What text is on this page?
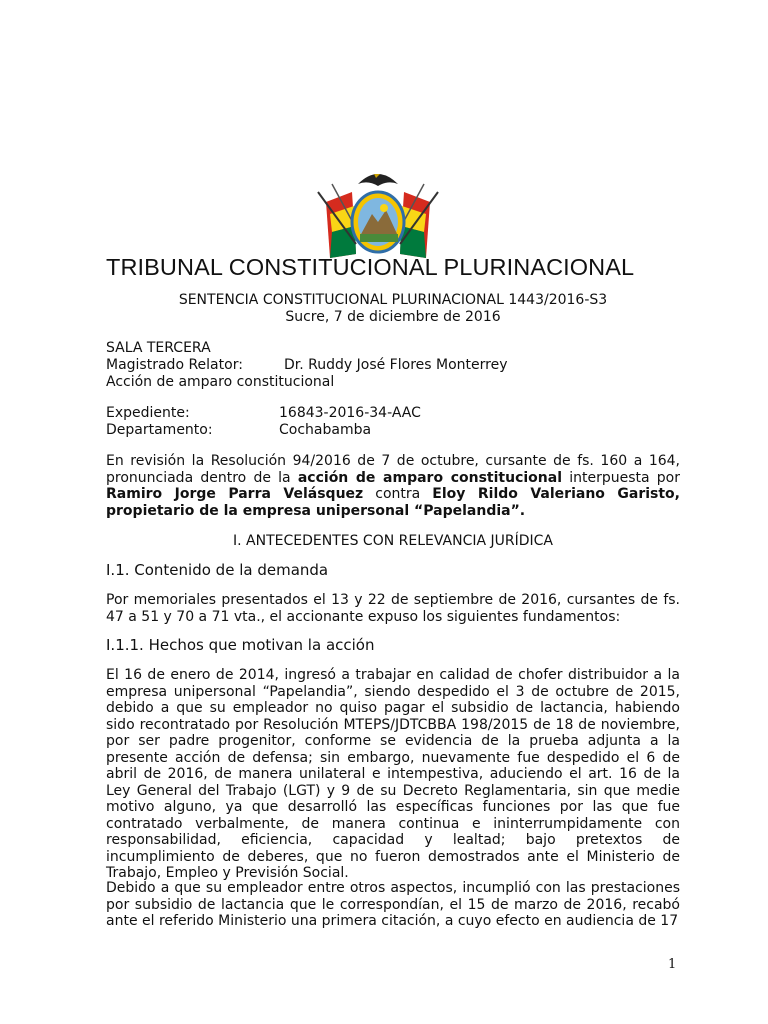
TRIBUNAL CONSTITUCIONAL PLURINACIONAL
SENTENCIA CONSTITUCIONAL PLURINACIONAL 1443/2016-S3
Sucre, 7 de diciembre de 2016
SALA TERCERA
Magistrado Relator:	Dr. Ruddy José Flores Monterrey
Acción de amparo constitucional
Expediente:	16843-2016-34-AAC
Departamento:	Cochabamba

En revisión la Resolución 94/2016 de 7 de octubre, cursante de fs. 160 a 164, pronunciada dentro de la acción de amparo constitucional interpuesta por Ramiro Jorge Parra Velásquez contra Eloy Rildo Valeriano Garisto, propietario de la empresa unipersonal “Papelandia”.

I. ANTECEDENTES CON RELEVANCIA JURÍDICA
I.1. Contenido de la demanda

Por memoriales presentados el 13 y 22 de septiembre de 2016, cursantes de fs. 47 a 51 y 70 a 71 vta., el accionante expuso los siguientes fundamentos:

I.1.1. Hechos que motivan la acción

El 16 de enero de 2014, ingresó a trabajar en calidad de chofer distribuidor a la empresa unipersonal “Papelandia”, siendo despedido el 3 de octubre de 2015, debido a que su empleador no quiso pagar el subsidio de lactancia, habiendo sido recontratado por Resolución MTEPS/JDTCBBA 198/2015 de 18 de noviembre, por ser padre progenitor, conforme se evidencia de la prueba adjunta a la presente acción de defensa; sin embargo, nuevamente fue despedido el 6 de abril de 2016, de manera unilateral e intempestiva, aduciendo el art. 16 de la Ley General del Trabajo (LGT) y 9 de su Decreto Reglamentaria, sin que medie motivo alguno, ya que desarrolló las específicas funciones por las que fue contratado verbalmente, de manera continua e ininterrumpidamente con responsabilidad, eficiencia, capacidad y lealtad; bajo pretextos de incumplimiento de deberes, que no fueron demostrados ante el Ministerio de Trabajo, Empleo y Previsión Social.

Debido a que su empleador entre otros aspectos, incumplió con las prestaciones por subsidio de lactancia que le correspondían, el 15 de marzo de 2016, recabó ante el referido Ministerio una primera citación, a cuyo efecto en audiencia de 17

1
